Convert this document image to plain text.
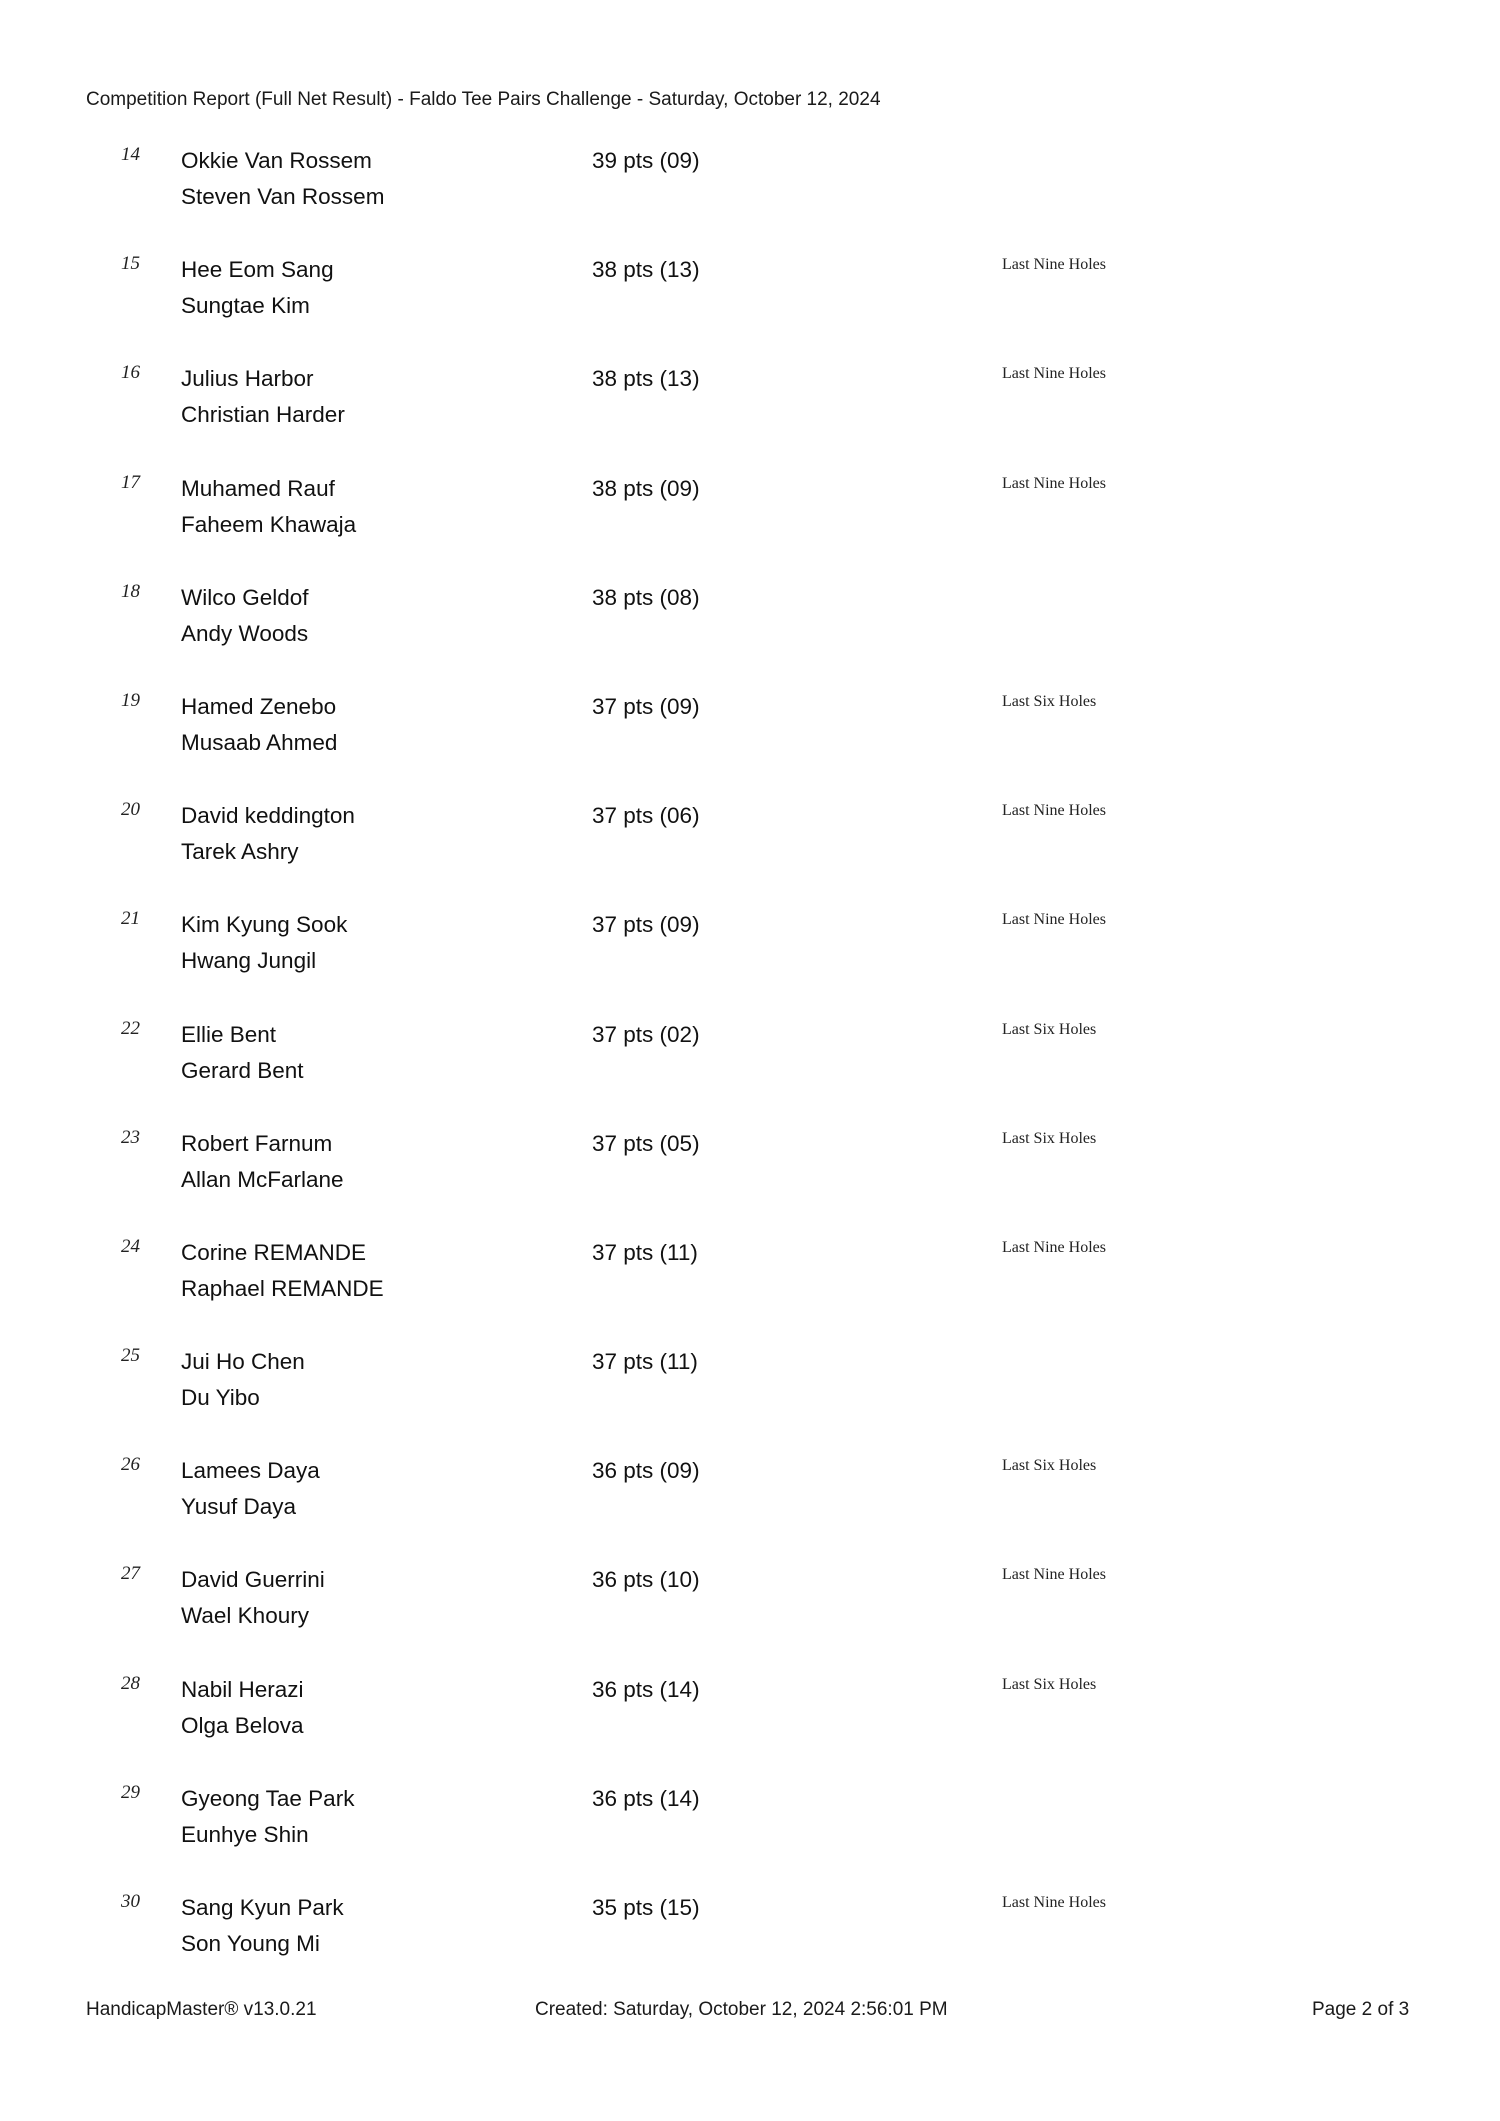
Competition Report (Full Net Result) - Faldo Tee Pairs Challenge - Saturday, October 12, 2024
14 Okkie Van Rossem
Steven Van Rossem
39 pts (09)
15 Hee Eom Sang
Sungtae Kim
38 pts (13)	Last Nine Holes
16 Julius Harbor
Christian Harder
38 pts (13)	Last Nine Holes
17 Muhamed Rauf
Faheem Khawaja
38 pts (09)	Last Nine Holes
18 Wilco Geldof
Andy Woods
38 pts (08)
19 Hamed Zenebo
Musaab Ahmed
37 pts (09)	Last Six Holes
20 David keddington
Tarek Ashry
37 pts (06)	Last Nine Holes
21 Kim Kyung Sook
Hwang Jungil
37 pts (09)	Last Nine Holes
22 Ellie Bent
Gerard Bent
37 pts (02)	Last Six Holes
23 Robert Farnum
Allan McFarlane
37 pts (05)	Last Six Holes
24 Corine REMANDE
Raphael REMANDE
37 pts (11)	Last Nine Holes
25 Jui Ho Chen
Du Yibo
37 pts (11)
26 Lamees Daya
Yusuf Daya
36 pts (09)	Last Six Holes
27 David Guerrini
Wael Khoury
36 pts (10)	Last Nine Holes
28 Nabil Herazi
Olga Belova
36 pts (14)	Last Six Holes
29 Gyeong Tae Park
Eunhye Shin
36 pts (14)
30 Sang Kyun Park
Son Young Mi
35 pts (15)	Last Nine Holes
HandicapMaster® v13.0.21	Created: Saturday, October 12, 2024 2:56:01 PM	Page 2 of 3
